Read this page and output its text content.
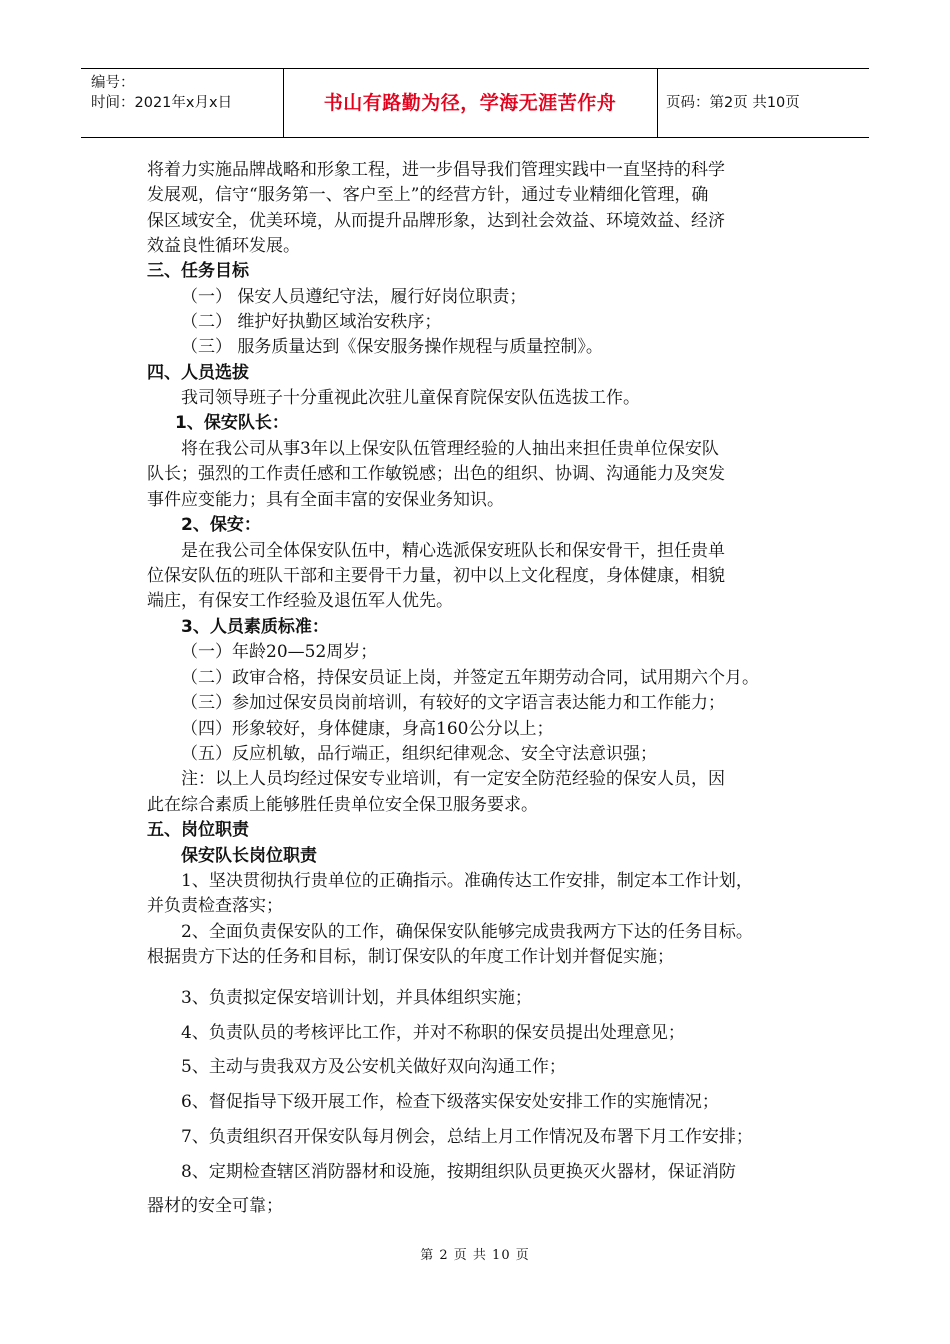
编号：
时间：2021年x月x日	书山有路勤为径，学海无涯苦作舟	页码：第2页 共10页
将着力实施品牌战略和形象工程，进一步倡导我们管理实践中一直坚持的科学
发展观，信守“服务第一、客户至上”的经营方针，通过专业精细化管理，确
保区域安全，优美环境，从而提升品牌形象，达到社会效益、环境效益、经济
效益良性循环发展。
三、任务目标
（一） 保安人员遵纪守法，履行好岗位职责；
（二） 维护好执勤区域治安秩序；
（三） 服务质量达到《保安服务操作规程与质量控制》。
四、人员选拔
我司领导班子十分重视此次驻儿童保育院保安队伍选拔工作。
1、保安队长：
将在我公司从事3年以上保安队伍管理经验的人抽出来担任贵单位保安队
队长；强烈的工作责任感和工作敏锐感；出色的组织、协调、沟通能力及突发
事件应变能力；具有全面丰富的安保业务知识。
2、保安：
是在我公司全体保安队伍中，精心选派保安班队长和保安骨干，担任贵单
位保安队伍的班队干部和主要骨干力量，初中以上文化程度，身体健康，相貌
端庄，有保安工作经验及退伍军人优先。
3、人员素质标准：
（一）年龄20—52周岁；
（二）政审合格，持保安员证上岗，并签定五年期劳动合同，试用期六个月。
（三）参加过保安员岗前培训，有较好的文字语言表达能力和工作能力；
（四）形象较好，身体健康，身高160公分以上；
（五）反应机敏，品行端正，组织纪律观念、安全守法意识强；
注：以上人员均经过保安专业培训，有一定安全防范经验的保安人员，因
此在综合素质上能够胜任贵单位安全保卫服务要求。
五、岗位职责
保安队长岗位职责
1、坚决贯彻执行贵单位的正确指示。准确传达工作安排，制定本工作计划，
并负责检查落实；
2、全面负责保安队的工作，确保保安队能够完成贵我两方下达的任务目标。
根据贵方下达的任务和目标，制订保安队的年度工作计划并督促实施；
3、负责拟定保安培训计划，并具体组织实施；
4、负责队员的考核评比工作，并对不称职的保安员提出处理意见；
5、主动与贵我双方及公安机关做好双向沟通工作；
6、督促指导下级开展工作，检查下级落实保安处安排工作的实施情况；
7、负责组织召开保安队每月例会，总结上月工作情况及布署下月工作安排；
8、定期检查辖区消防器材和设施，按期组织队员更换灭火器材，保证消防
器材的安全可靠；
第 2 页 共 10 页
